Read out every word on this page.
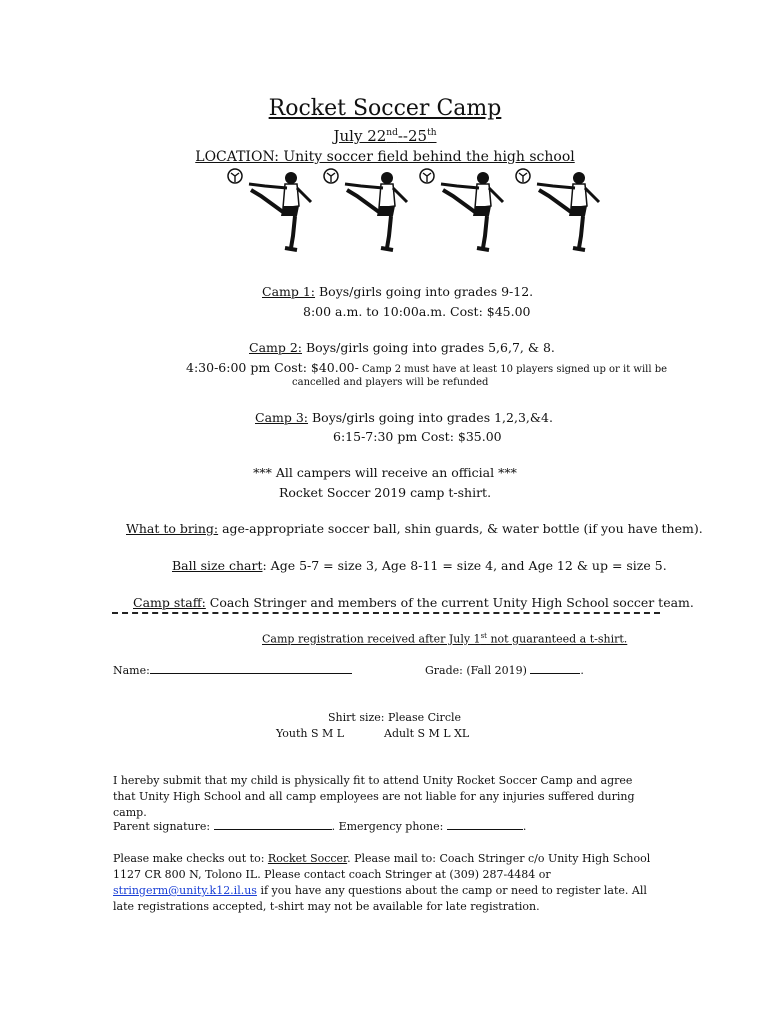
Rocket Soccer Camp
July 22nd--25th
LOCATION: Unity soccer field behind the high school
Camp 1: Boys/girls going into grades 9-12.
8:00 a.m. to 10:00a.m. Cost: $45.00
Camp 2: Boys/girls going into grades 5,6,7, & 8.
4:30-6:00 pm Cost: $40.00- Camp 2 must have at least 10 players signed up or it will be
cancelled and players will be refunded
Camp 3: Boys/girls going into grades 1,2,3,&4.
6:15-7:30 pm Cost: $35.00
*** All campers will receive an official ***
Rocket Soccer 2019 camp t-shirt.
What to bring: age-appropriate soccer ball, shin guards, & water bottle (if you have them).
Ball size chart: Age 5-7 = size 3, Age 8-11 = size 4, and Age 12 & up = size 5.
Camp staff: Coach Stringer and members of the current Unity High School soccer team.
Camp registration received after July 1st not guaranteed a t-shirt.
Name:	Grade: (Fall 2019)	.
Shirt size: Please Circle
Youth S M L	Adult S M L XL
I hereby submit that my child is physically fit to attend Unity Rocket Soccer Camp and agree that Unity High School and all camp employees are not liable for any injuries suffered during camp.
Parent signature:	. Emergency phone:	.
Please make checks out to: Rocket Soccer. Please mail to: Coach Stringer c/o Unity High School 1127 CR 800 N, Tolono IL. Please contact coach Stringer at (309) 287-4484 or stringerm@unity.k12.il.us if you have any questions about the camp or need to register late. All late registrations accepted, t-shirt may not be available for late registration.
